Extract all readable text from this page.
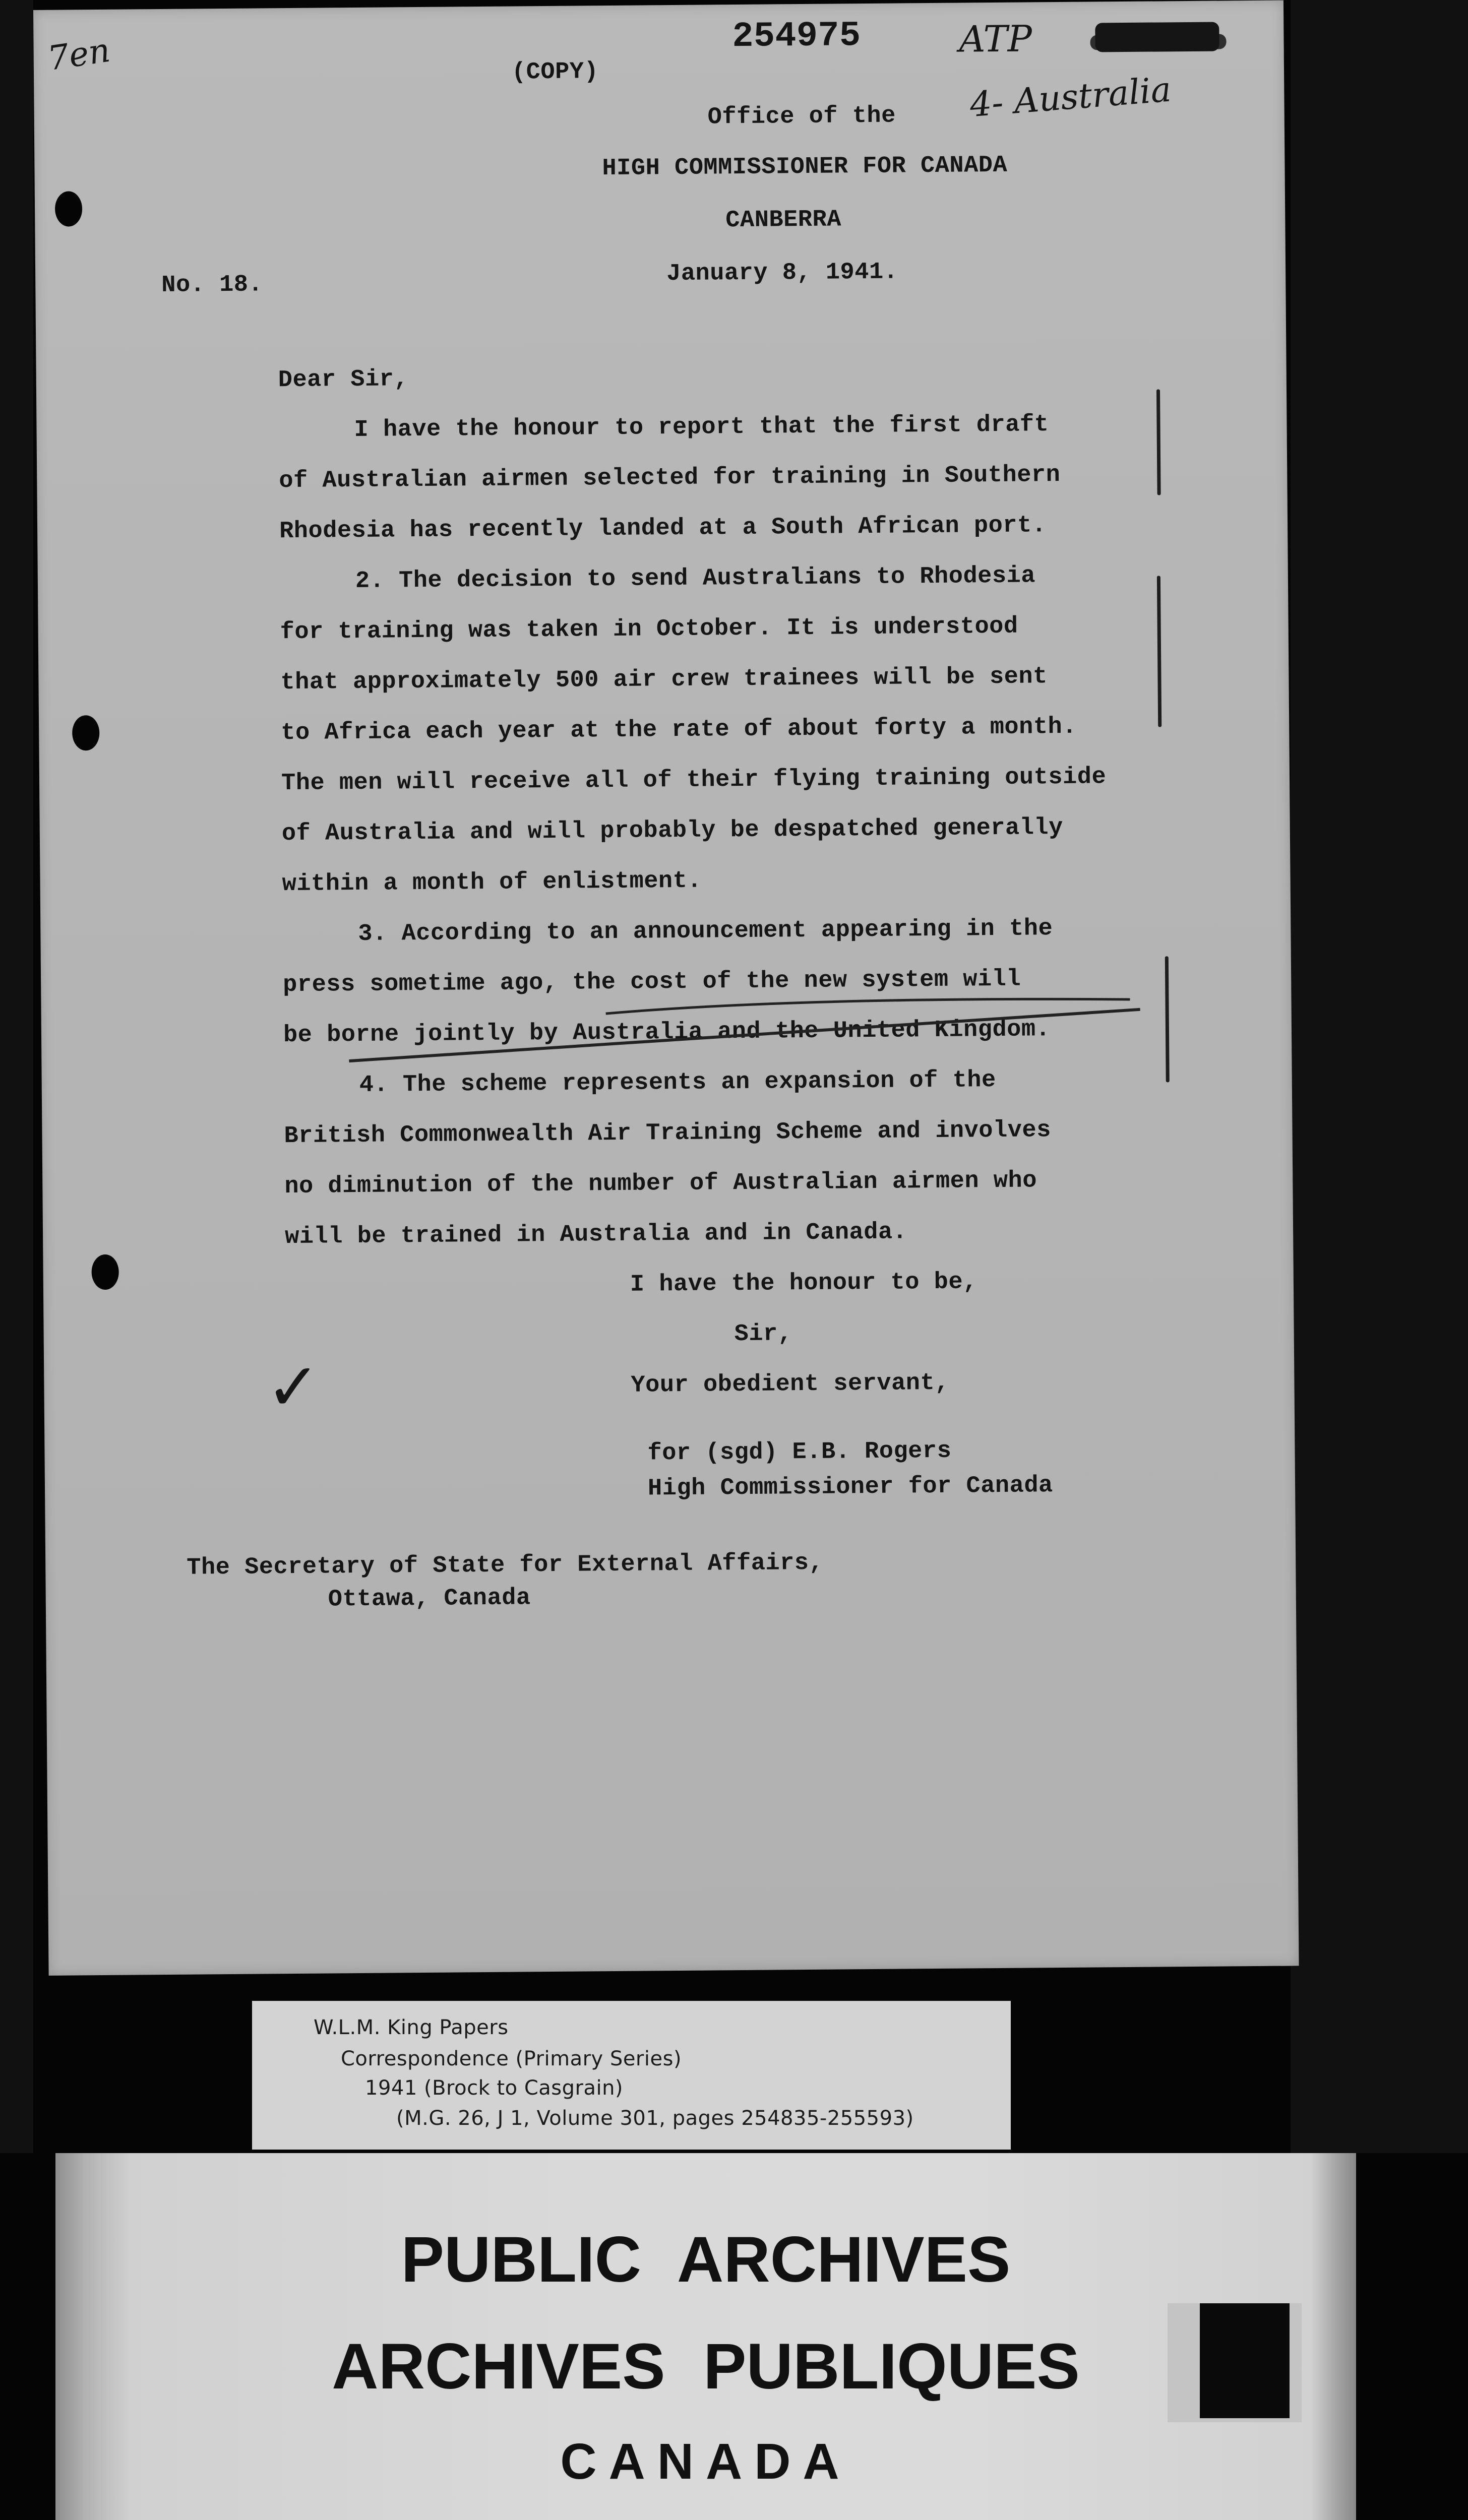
(COPY)
254975
Office of the
HIGH COMMISSIONER FOR CANADA
CANBERRA
No. 18.	January 8, 1941.
Dear Sir,
I have the honour to report that the first draft
of Australian airmen selected for training in Southern
Rhodesia has recently landed at a South African port.
2. The decision to send Australians to Rhodesia
for training was taken in October. It is understood
that approximately 500 air crew trainees will be sent
to Africa each year at the rate of about forty a month.
The men will receive all of their flying training outside
of Australia and will probably be despatched generally
within a month of enlistment.
3. According to an announcement appearing in the
press sometime ago, the cost of the new system will
be borne jointly by Australia and the United Kingdom.
4. The scheme represents an expansion of the
British Commonwealth Air Training Scheme and involves
no diminution of the number of Australian airmen who
will be trained in Australia and in Canada.
I have the honour to be,
Sir,
Your obedient servant,
for (sgd) E.B. Rogers
High Commissioner for Canada
The Secretary of State for External Affairs,
Ottawa, Canada
7en	ATP
4- Australia
✓
W.L.M. King Papers
Correspondence (Primary Series)
1941 (Brock to Casgrain)
(M.G. 26, J 1, Volume 301, pages 254835-255593)
PUBLIC ARCHIVES
ARCHIVES PUBLIQUES
CANADA
